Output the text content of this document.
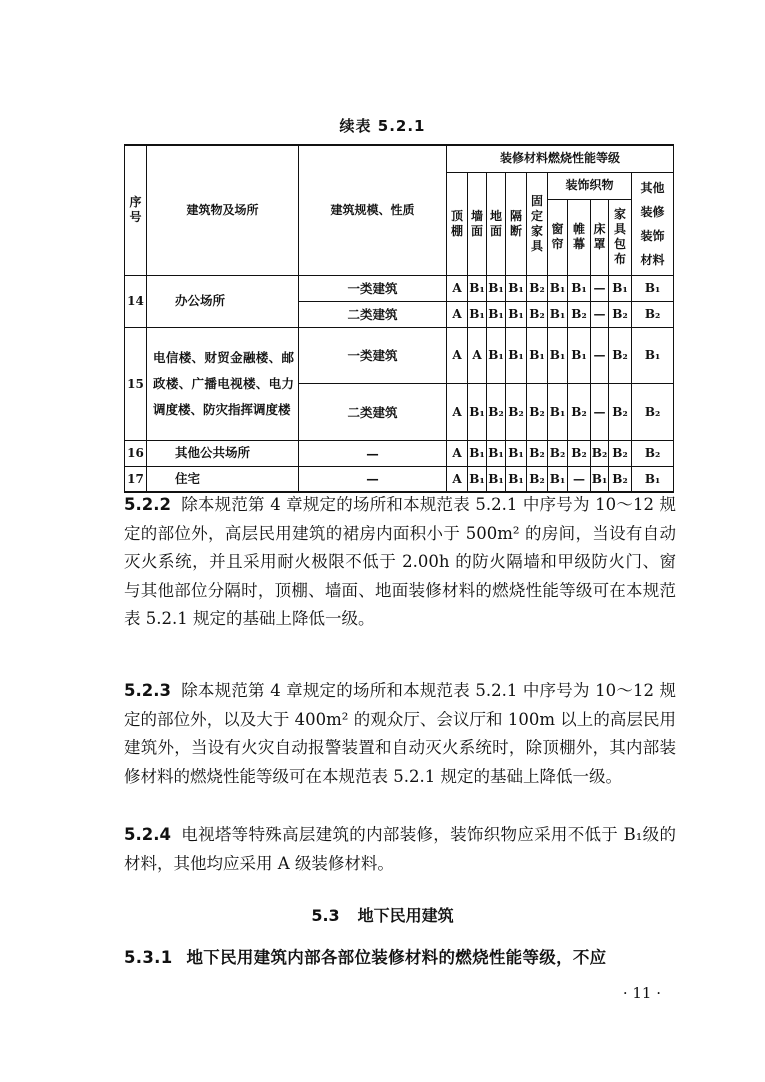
续表 5.2.1
序号	建筑物及场所	建筑规模、性质	装修材料燃烧性能等级									
			顶棚	墙面	地面	隔断	固定家具	装饰织物				其他装修装饰材料
								窗帘	帷幕	床罩	家具包布	
14	办公场所	一类建筑	A	B₁	B₁	B₁	B₂	B₁	B₁	—	B₁	B₁
		二类建筑	A	B₁	B₁	B₁	B₂	B₁	B₂	—	B₂	B₂
15	电信楼、财贸金融楼、邮政楼、广播电视楼、电力调度楼、防灾指挥调度楼	一类建筑	A	A	B₁	B₁	B₁	B₁	B₁	—	B₂	B₁
		二类建筑	A	B₁	B₂	B₂	B₂	B₁	B₂	—	B₂	B₂
16	其他公共场所	—	A	B₁	B₁	B₁	B₂	B₂	B₂	B₂	B₂	B₂
17	住宅	—	A	B₁	B₁	B₁	B₂	B₁	—	B₁	B₂	B₁
5.2.2 除本规范第 4 章规定的场所和本规范表 5.2.1 中序号为 10～12 规定的部位外，高层民用建筑的裙房内面积小于 500m² 的房间，当设有自动灭火系统，并且采用耐火极限不低于 2.00h 的防火隔墙和甲级防火门、窗与其他部位分隔时，顶棚、墙面、地面装修材料的燃烧性能等级可在本规范表 5.2.1 规定的基础上降低一级。
5.2.3 除本规范第 4 章规定的场所和本规范表 5.2.1 中序号为 10～12 规定的部位外，以及大于 400m² 的观众厅、会议厅和 100m 以上的高层民用建筑外，当设有火灾自动报警装置和自动灭火系统时，除顶棚外，其内部装修材料的燃烧性能等级可在本规范表 5.2.1 规定的基础上降低一级。
5.2.4 电视塔等特殊高层建筑的内部装修，装饰织物应采用不低于 B₁级的材料，其他均应采用 A 级装修材料。
5.3 地下民用建筑
5.3.1 地下民用建筑内部各部位装修材料的燃烧性能等级，不应
· 11 ·
